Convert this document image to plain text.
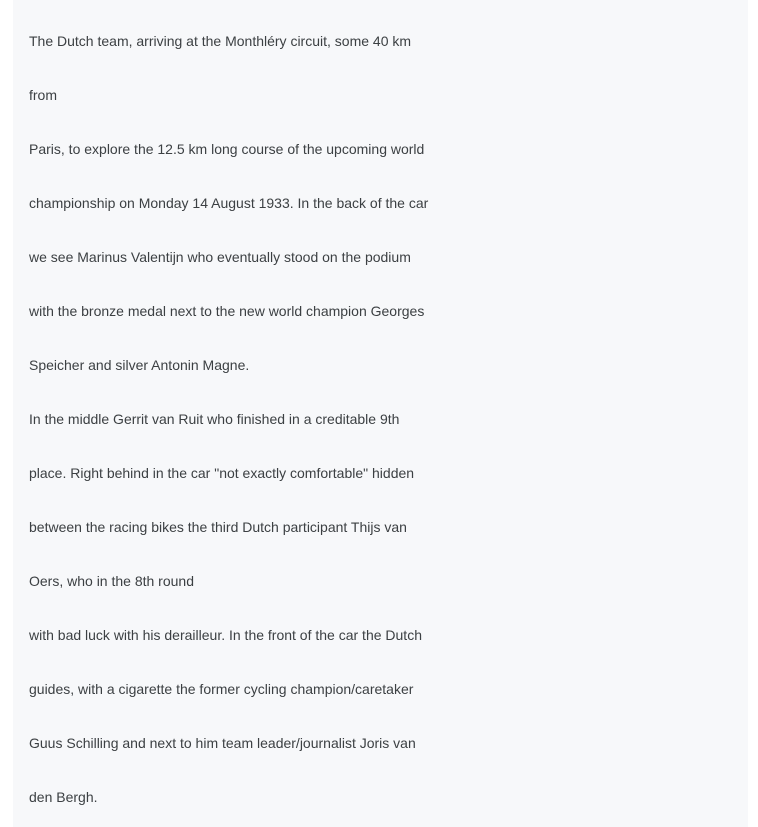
The Dutch team, arriving at the Monthléry circuit, some 40 km
from
Paris, to explore the 12.5 km long course of the upcoming world
championship on Monday 14 August 1933. In the back of the car
we see Marinus Valentijn who eventually stood on the podium
with the bronze medal next to the new world champion Georges
Speicher and silver Antonin Magne.
In the middle Gerrit van Ruit who finished in a creditable 9th
place. Right behind in the car "not exactly comfortable" hidden
between the racing bikes the third Dutch participant Thijs van
Oers, who in the 8th round
with bad luck with his derailleur. In the front of the car the Dutch
guides, with a cigarette the former cycling champion/caretaker
Guus Schilling and next to him team leader/journalist Joris van
den Bergh.
